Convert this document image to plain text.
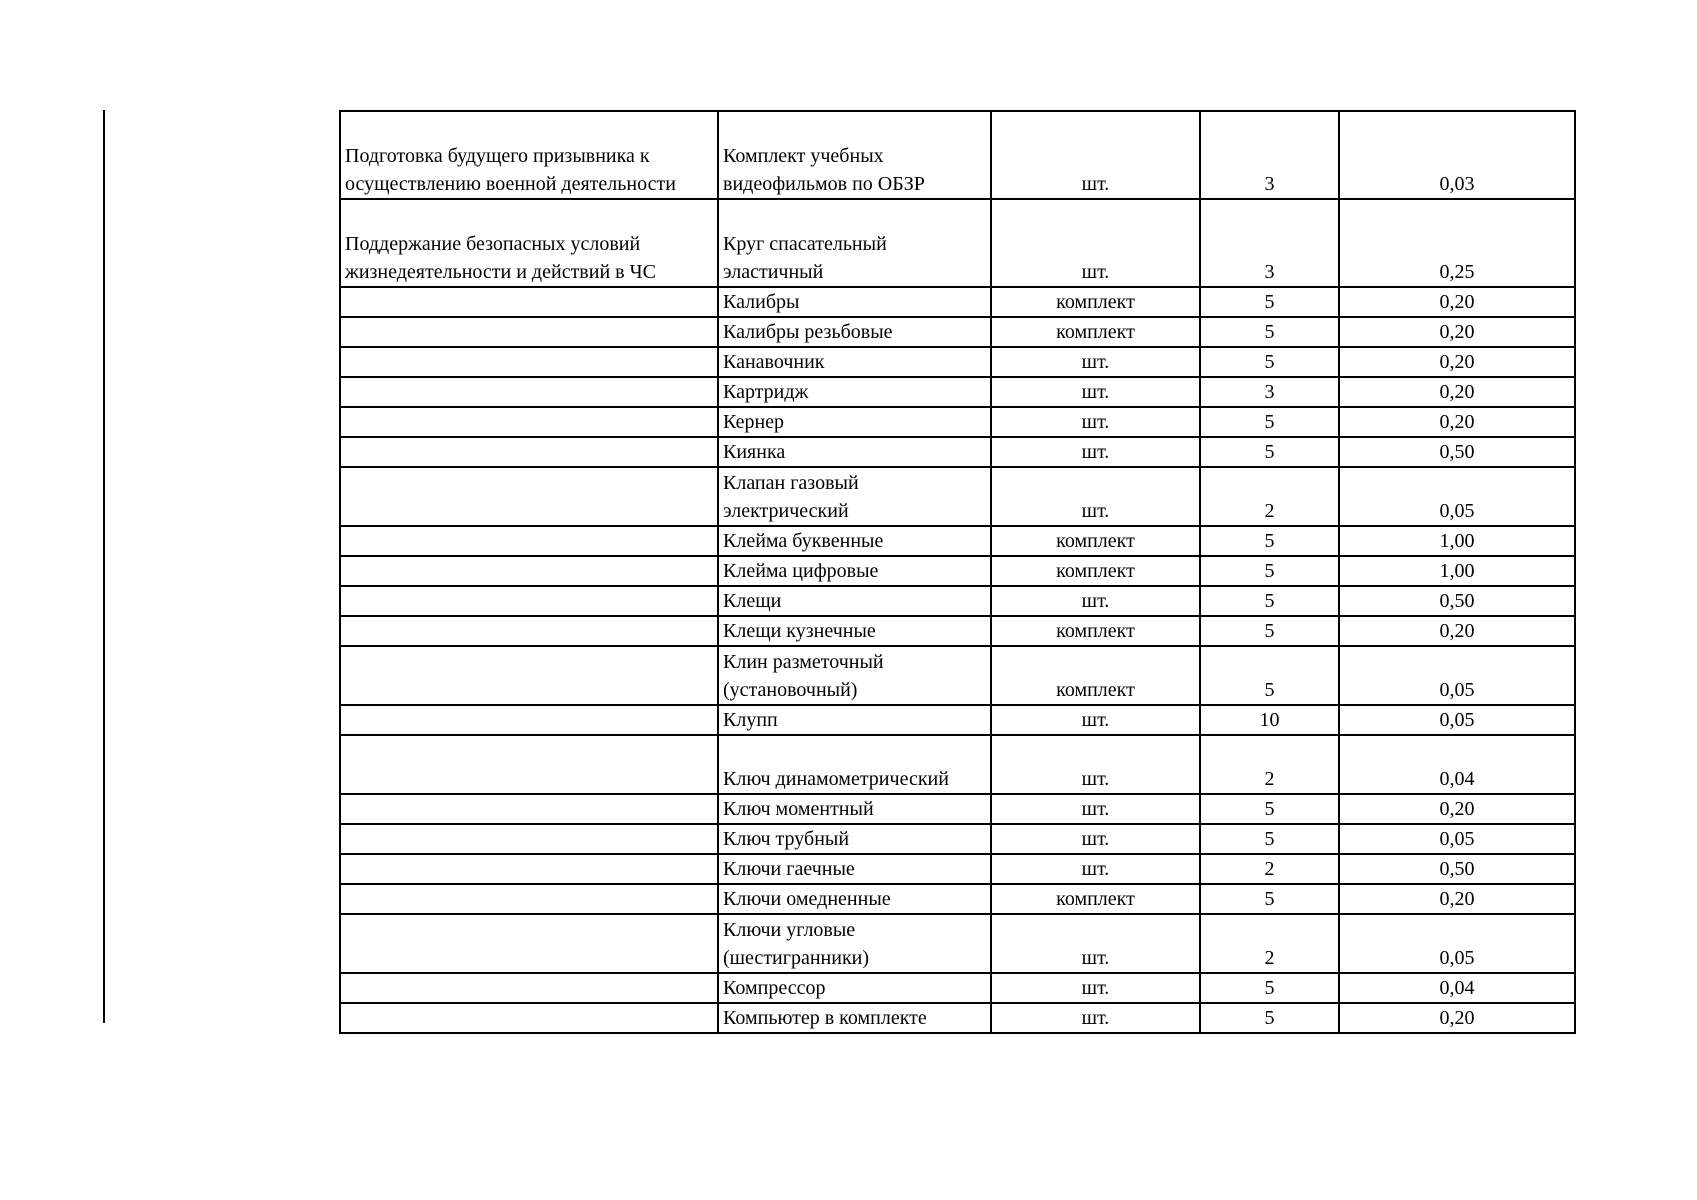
Подготовка будущего призывника к осуществлению военной деятельности	Комплект учебных видеофильмов по ОБЗР	шт.	3	0,03
Поддержание безопасных условий жизнедеятельности и действий в ЧС	Круг спасательный эластичный	шт.	3	0,25
	Калибры	комплект	5	0,20
	Калибры резьбовые	комплект	5	0,20
	Канавочник	шт.	5	0,20
	Картридж	шт.	3	0,20
	Кернер	шт.	5	0,20
	Киянка	шт.	5	0,50
	Клапан газовый электрический	шт.	2	0,05
	Клейма буквенные	комплект	5	1,00
	Клейма цифровые	комплект	5	1,00
	Клещи	шт.	5	0,50
	Клещи кузнечные	комплект	5	0,20
	Клин разметочный (установочный)	комплект	5	0,05
	Клупп	шт.	10	0,05
	Ключ динамометрический	шт.	2	0,04
	Ключ моментный	шт.	5	0,20
	Ключ трубный	шт.	5	0,05
	Ключи гаечные	шт.	2	0,50
	Ключи омедненные	комплект	5	0,20
	Ключи угловые (шестигранники)	шт.	2	0,05
	Компрессор	шт.	5	0,04
	Компьютер в комплекте	шт.	5	0,20
